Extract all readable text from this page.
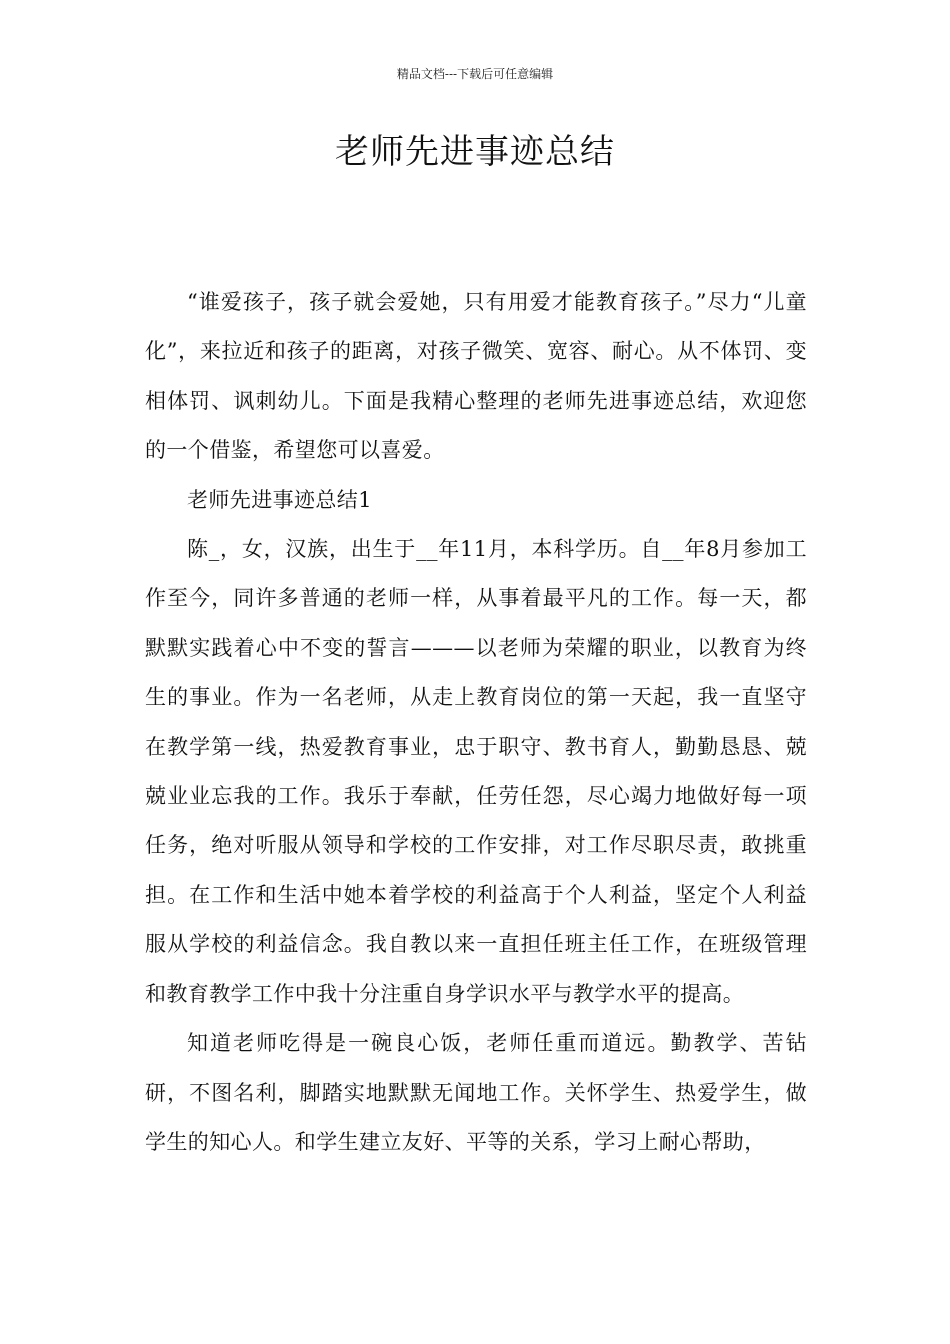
精品文档---下载后可任意编辑
老师先进事迹总结

“谁爱孩子，孩子就会爱她，只有用爱才能教育孩子。”尽力“儿童化”，来拉近和孩子的距离，对孩子微笑、宽容、耐心。从不体罚、变相体罚、讽刺幼儿。下面是我精心整理的老师先进事迹总结，欢迎您的一个借鉴，希望您可以喜爱。

老师先进事迹总结1

陈_，女，汉族，出生于__年11月，本科学历。自__年8月参加工作至今，同许多普通的老师一样，从事着最平凡的工作。每一天，都默默实践着心中不变的誓言———以老师为荣耀的职业，以教育为终生的事业。作为一名老师，从走上教育岗位的第一天起，我一直坚守在教学第一线，热爱教育事业，忠于职守、教书育人，勤勤恳恳、兢兢业业忘我的工作。我乐于奉献，任劳任怨，尽心竭力地做好每一项任务，绝对听服从领导和学校的工作安排，对工作尽职尽责，敢挑重担。在工作和生活中她本着学校的利益高于个人利益，坚定个人利益服从学校的利益信念。我自教以来一直担任班主任工作，在班级管理和教育教学工作中我十分注重自身学识水平与教学水平的提高。

知道老师吃得是一碗良心饭，老师任重而道远。勤教学、苦钻研，不图名利，脚踏实地默默无闻地工作。关怀学生、热爱学生，做学生的知心人。和学生建立友好、平等的关系，学习上耐心帮助，
